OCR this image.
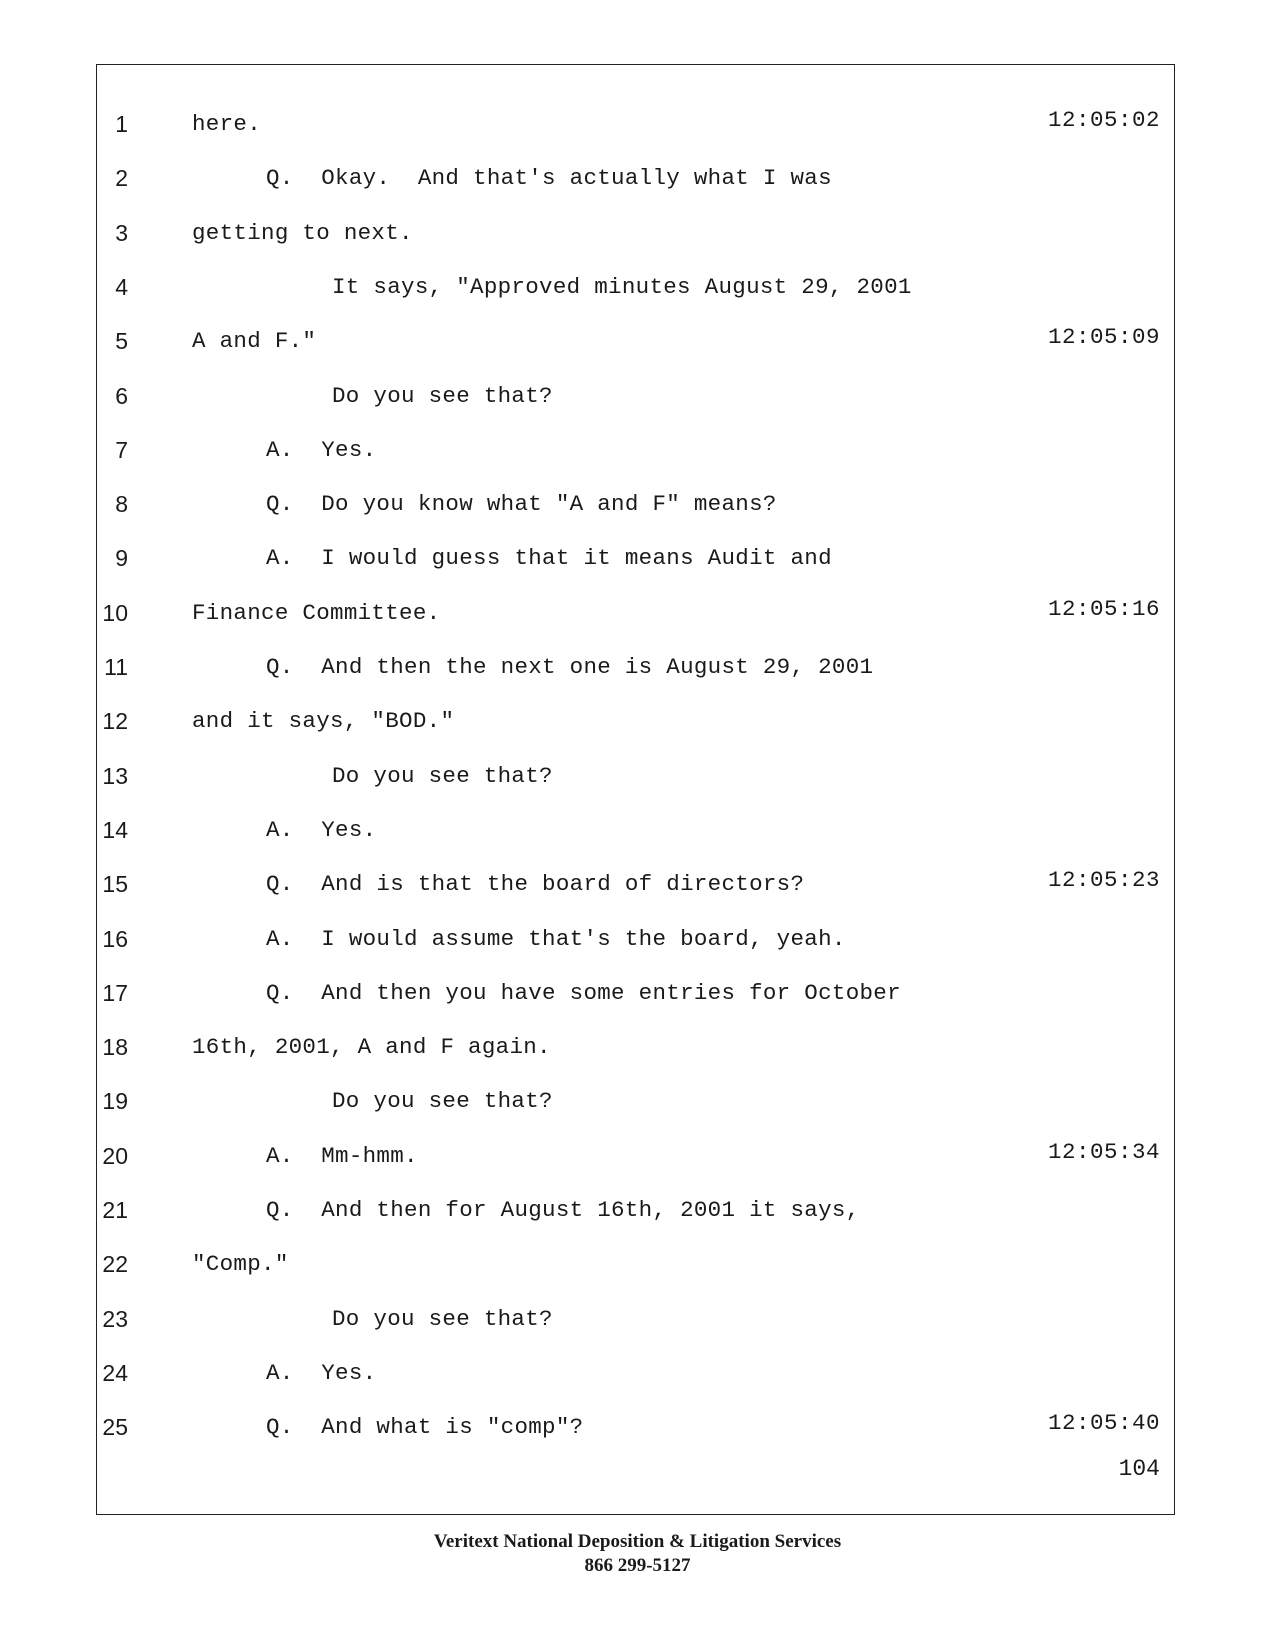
1	here.	12:05:02
2	Q.  Okay.  And that's actually what I was
3	getting to next.
4	It says, "Approved minutes August 29, 2001
5	A and F."	12:05:09
6	Do you see that?
7	A.  Yes.
8	Q.  Do you know what "A and F" means?
9	A.  I would guess that it means Audit and
10	Finance Committee.	12:05:16
11	Q.  And then the next one is August 29, 2001
12	and it says, "BOD."
13	Do you see that?
14	A.  Yes.
15	Q.  And is that the board of directors?	12:05:23
16	A.  I would assume that's the board, yeah.
17	Q.  And then you have some entries for October
18	16th, 2001, A and F again.
19	Do you see that?
20	A.  Mm-hmm.	12:05:34
21	Q.  And then for August 16th, 2001 it says,
22	"Comp."
23	Do you see that?
24	A.  Yes.
25	Q.  And what is "comp"?	12:05:40
104
Veritext National Deposition & Litigation Services
866 299-5127
